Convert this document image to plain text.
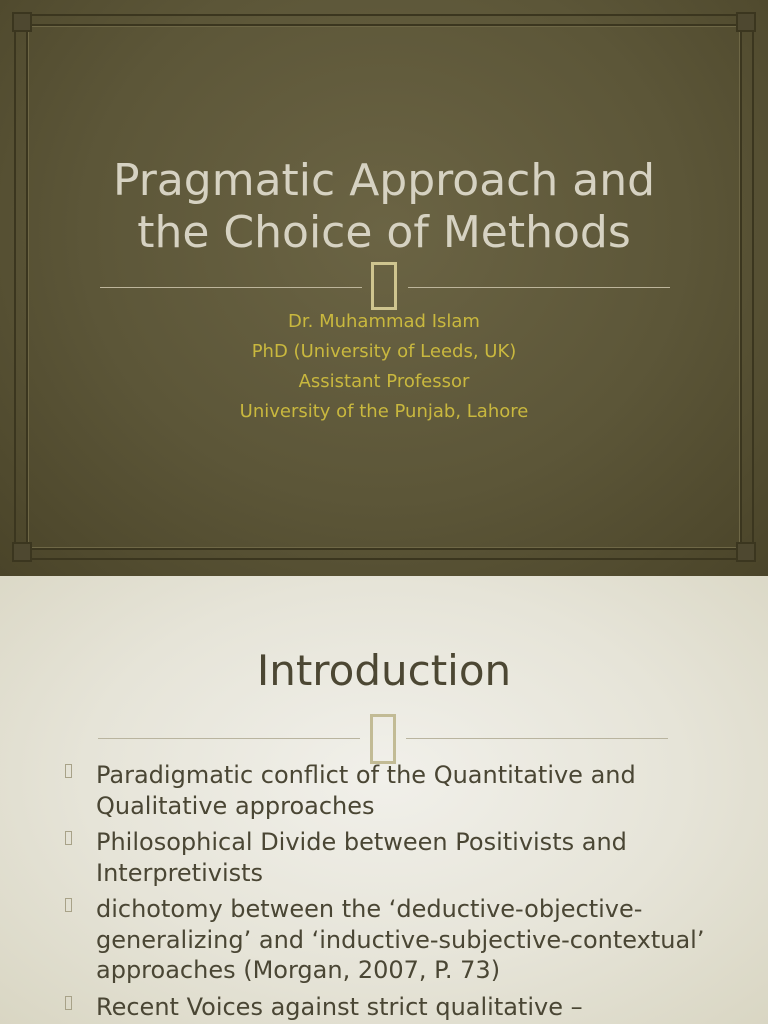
Pragmatic Approach and
the Choice of Methods
Dr. Muhammad Islam
PhD (University of Leeds, UK)
Assistant Professor
University of the Punjab, Lahore
Introduction
Paradigmatic conflict of the Quantitative and Qualitative approaches
Philosophical Divide between Positivists and Interpretivists
dichotomy between the ‘deductive-objective-generalizing’ and ‘inductive-subjective-contextual’ approaches (Morgan, 2007, P. 73)
Recent Voices against strict qualitative –
